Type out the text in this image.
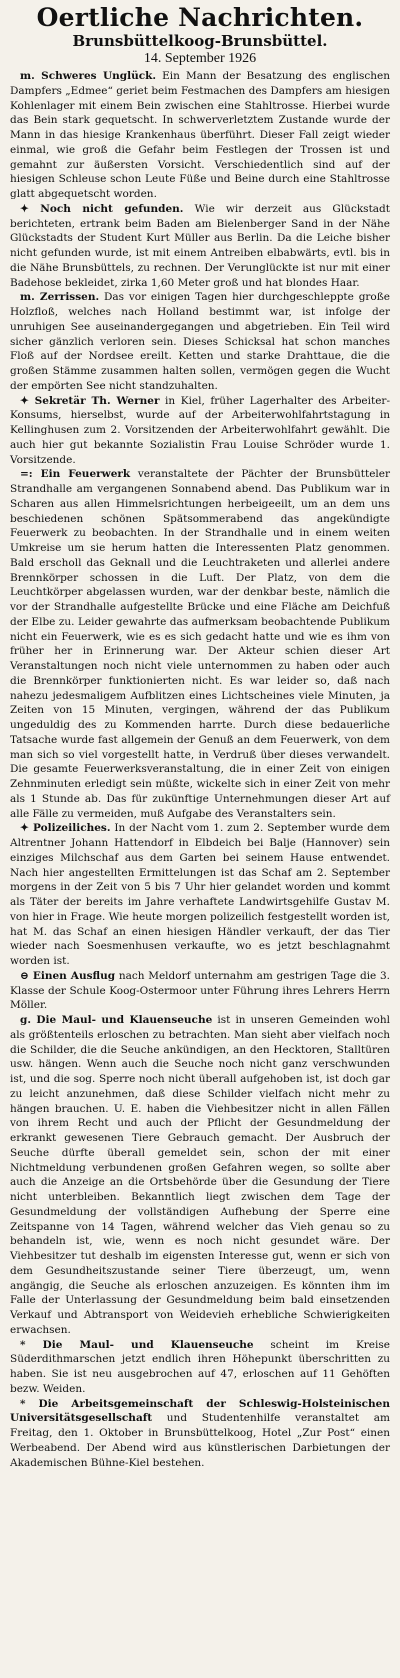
Oertliche Nachrichten.
Brunsbüttelkoog-Brunsbüttel.
14. September 1926

m. Schweres Unglück. Ein Mann der Besatzung des englischen Dampfers „Edmee“ geriet beim Festmachen des Dampfers am hiesigen Kohlenlager mit einem Bein zwischen eine Stahltrosse. Hierbei wurde das Bein stark gequetscht. In schwerverletztem Zustande wurde der Mann in das hiesige Krankenhaus überführt. Dieser Fall zeigt wieder einmal, wie groß die Gefahr beim Festlegen der Trossen ist und gemahnt zur äußersten Vorsicht. Verschiedentlich sind auf der hiesigen Schleuse schon Leute Füße und Beine durch eine Stahltrosse glatt abgequetscht worden.

✦ Noch nicht gefunden. Wie wir derzeit aus Glückstadt berichteten, ertrank beim Baden am Bielenberger Sand in der Nähe Glückstadts der Student Kurt Müller aus Berlin. Da die Leiche bisher nicht gefunden wurde, ist mit einem Antreiben elbabwärts, evtl. bis in die Nähe Brunsbüttels, zu rechnen. Der Verunglückte ist nur mit einer Badehose bekleidet, zirka 1,60 Meter groß und hat blondes Haar.

m. Zerrissen. Das vor einigen Tagen hier durchgeschleppte große Holzfloß, welches nach Holland bestimmt war, ist infolge der unruhigen See auseinandergegangen und abgetrieben. Ein Teil wird sicher gänzlich verloren sein. Dieses Schicksal hat schon manches Floß auf der Nordsee ereilt. Ketten und starke Drahttaue, die die großen Stämme zusammen halten sollen, vermögen gegen die Wucht der empörten See nicht standzuhalten.

✦ Sekretär Th. Werner in Kiel, früher Lagerhalter des Arbeiter-Konsums, hierselbst, wurde auf der Arbeiterwohlfahrtstagung in Kellinghusen zum 2. Vorsitzenden der Arbeiterwohlfahrt gewählt. Die auch hier gut bekannte Sozialistin Frau Louise Schröder wurde 1. Vorsitzende.

=: Ein Feuerwerk veranstaltete der Pächter der Brunsbütteler Strandhalle am vergangenen Sonnabend abend. Das Publikum war in Scharen aus allen Himmelsrichtungen herbeigeeilt, um an dem uns beschiedenen schönen Spätsommerabend das angekündigte Feuerwerk zu beobachten. In der Strandhalle und in einem weiten Umkreise um sie herum hatten die Interessenten Platz genommen. Bald erscholl das Geknall und die Leuchtraketen und allerlei andere Brennkörper schossen in die Luft. Der Platz, von dem die Leuchtkörper abgelassen wurden, war der denkbar beste, nämlich die vor der Strandhalle aufgestellte Brücke und eine Fläche am Deichfuß der Elbe zu. Leider gewahrte das aufmerksam beobachtende Publikum nicht ein Feuerwerk, wie es es sich gedacht hatte und wie es ihm von früher her in Erinnerung war. Der Akteur schien dieser Art Veranstaltungen noch nicht viele unternommen zu haben oder auch die Brennkörper funktionierten nicht. Es war leider so, daß nach nahezu jedesmaligem Aufblitzen eines Lichtscheines viele Minuten, ja Zeiten von 15 Minuten, vergingen, während der das Publikum ungeduldig des zu Kommenden harrte. Durch diese bedauerliche Tatsache wurde fast allgemein der Genuß an dem Feuerwerk, von dem man sich so viel vorgestellt hatte, in Verdruß über dieses verwandelt. Die gesamte Feuerwerksveranstaltung, die in einer Zeit von einigen Zehnminuten erledigt sein müßte, wickelte sich in einer Zeit von mehr als 1 Stunde ab. Das für zukünftige Unternehmungen dieser Art auf alle Fälle zu vermeiden, muß Aufgabe des Veranstalters sein.

✦ Polizeiliches. In der Nacht vom 1. zum 2. September wurde dem Altrentner Johann Hattendorf in Elbdeich bei Balje (Hannover) sein einziges Milchschaf aus dem Garten bei seinem Hause entwendet. Nach hier angestellten Ermittelungen ist das Schaf am 2. September morgens in der Zeit von 5 bis 7 Uhr hier gelandet worden und kommt als Täter der bereits im Jahre verhaftete Landwirtsgehilfe Gustav M. von hier in Frage. Wie heute morgen polizeilich festgestellt worden ist, hat M. das Schaf an einen hiesigen Händler verkauft, der das Tier wieder nach Soesmenhusen verkaufte, wo es jetzt beschlagnahmt worden ist.

⊖ Einen Ausflug nach Meldorf unternahm am gestrigen Tage die 3. Klasse der Schule Koog-Ostermoor unter Führung ihres Lehrers Herrn Möller.

g. Die Maul- und Klauenseuche ist in unseren Gemeinden wohl als größtenteils erloschen zu betrachten. Man sieht aber vielfach noch die Schilder, die die Seuche ankündigen, an den Hecktoren, Stalltüren usw. hängen. Wenn auch die Seuche noch nicht ganz verschwunden ist, und die sog. Sperre noch nicht überall aufgehoben ist, ist doch gar zu leicht anzunehmen, daß diese Schilder vielfach nicht mehr zu hängen brauchen. U. E. haben die Viehbesitzer nicht in allen Fällen von ihrem Recht und auch der Pflicht der Gesundmeldung der erkrankt gewesenen Tiere Gebrauch gemacht. Der Ausbruch der Seuche dürfte überall gemeldet sein, schon der mit einer Nichtmeldung verbundenen großen Gefahren wegen, so sollte aber auch die Anzeige an die Ortsbehörde über die Gesundung der Tiere nicht unterbleiben. Bekanntlich liegt zwischen dem Tage der Gesundmeldung der vollständigen Aufhebung der Sperre eine Zeitspanne von 14 Tagen, während welcher das Vieh genau so zu behandeln ist, wie, wenn es noch nicht gesundet wäre. Der Viehbesitzer tut deshalb im eigensten Interesse gut, wenn er sich von dem Gesundheitszustande seiner Tiere überzeugt, um, wenn angängig, die Seuche als erloschen anzuzeigen. Es könnten ihm im Falle der Unterlassung der Gesundmeldung beim bald einsetzenden Verkauf und Abtransport von Weidevieh erhebliche Schwierigkeiten erwachsen.

* Die Maul- und Klauenseuche scheint im Kreise Süderdithmarschen jetzt endlich ihren Höhepunkt überschritten zu haben. Sie ist neu ausgebrochen auf 47, erloschen auf 11 Gehöften bezw. Weiden.

* Die Arbeitsgemeinschaft der Schleswig-Holsteinischen Universitätsgesellschaft und Studentenhilfe veranstaltet am Freitag, den 1. Oktober in Brunsbüttelkoog, Hotel „Zur Post“ einen Werbeabend. Der Abend wird aus künstlerischen Darbietungen der Akademischen Bühne-Kiel bestehen.
